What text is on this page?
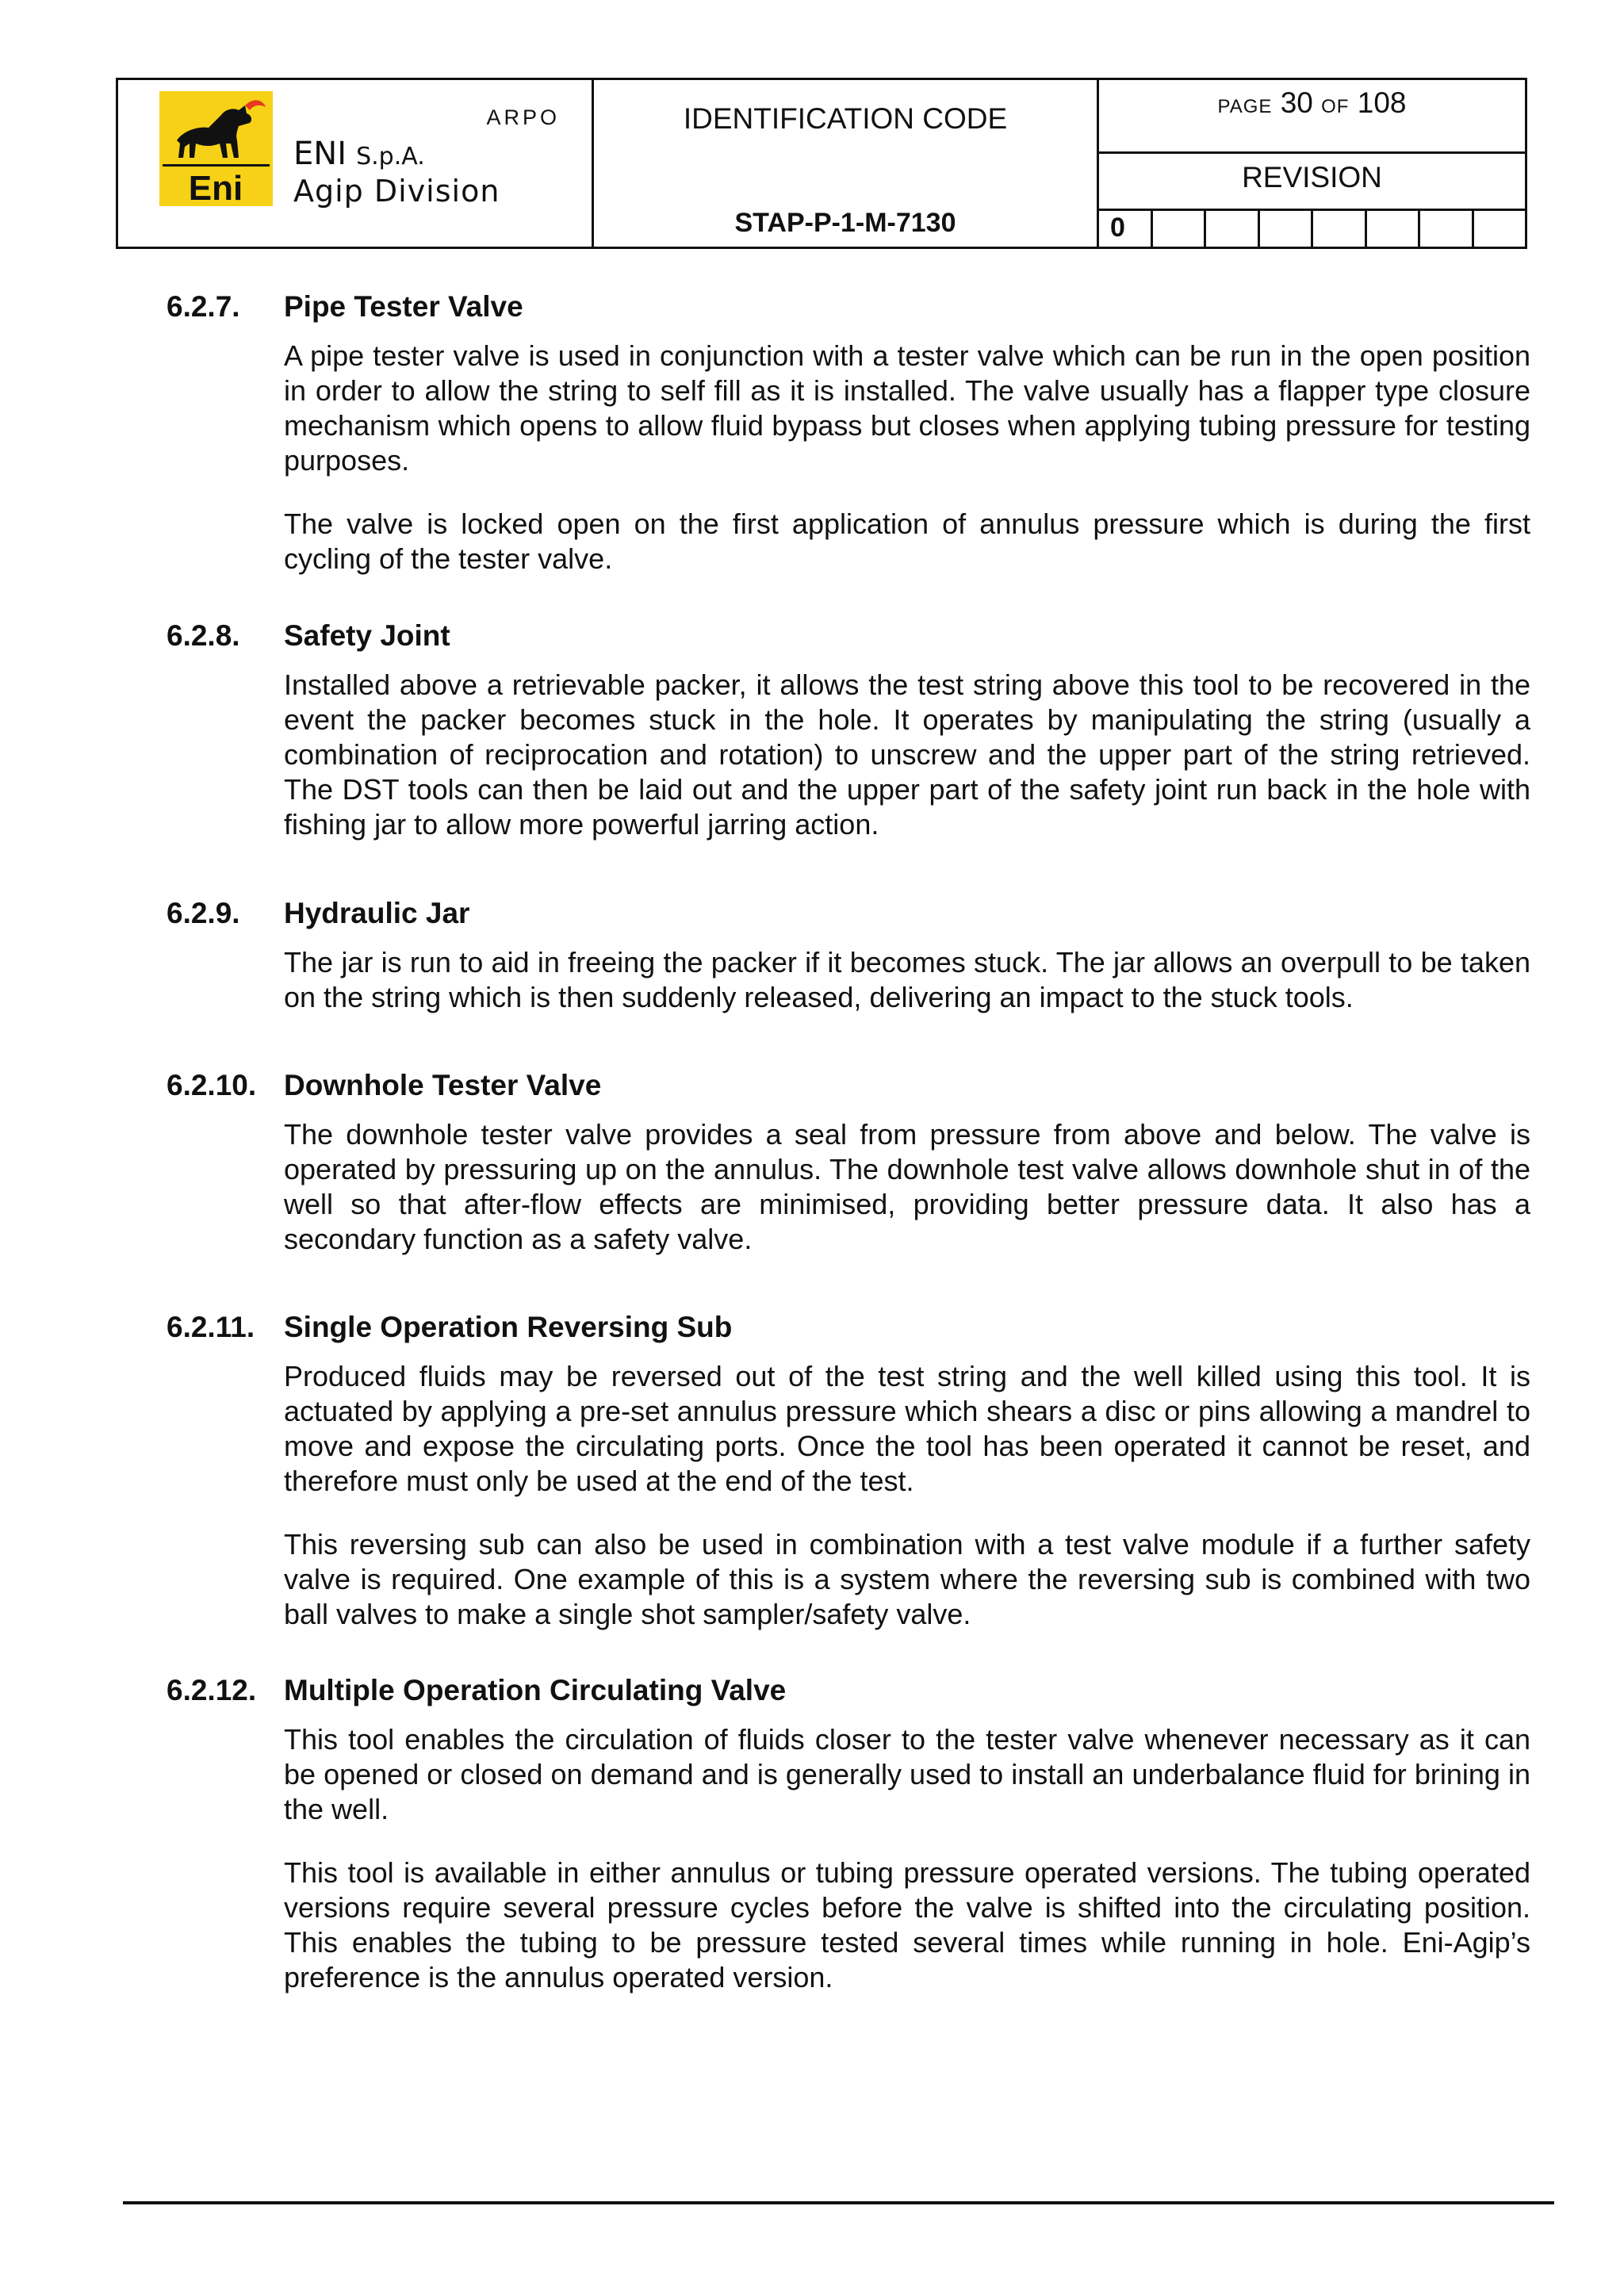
Eni
ARPO
ENI S.p.A.
Agip Division
IDENTIFICATION CODE
STAP-P-1-M-7130
PAGE 30 OF 108
REVISION
0
6.2.7.	Pipe Tester Valve

A pipe tester valve is used in conjunction with a tester valve which can be run in the open position in order to allow the string to self fill as it is installed. The valve usually has a flapper type closure mechanism which opens to allow fluid bypass but closes when applying tubing pressure for testing purposes.

The valve is locked open on the first application of annulus pressure which is during the first cycling of the tester valve.

6.2.8.	Safety Joint

Installed above a retrievable packer, it allows the test string above this tool to be recovered in the event the packer becomes stuck in the hole. It operates by manipulating the string (usually a combination of reciprocation and rotation) to unscrew and the upper part of the string retrieved. The DST tools can then be laid out and the upper part of the safety joint run back in the hole with fishing jar to allow more powerful jarring action.

6.2.9.	Hydraulic Jar

The jar is run to aid in freeing the packer if it becomes stuck. The jar allows an overpull to be taken on the string which is then suddenly released, delivering an impact to the stuck tools.

6.2.10. Downhole Tester Valve

The downhole tester valve provides a seal from pressure from above and below. The valve is operated by pressuring up on the annulus. The downhole test valve allows downhole shut in of the well so that after-flow effects are minimised, providing better pressure data. It also has a secondary function as a safety valve.

6.2.11. Single Operation Reversing Sub

Produced fluids may be reversed out of the test string and the well killed using this tool. It is actuated by applying a pre-set annulus pressure which shears a disc or pins allowing a mandrel to move and expose the circulating ports. Once the tool has been operated it cannot be reset, and therefore must only be used at the end of the test.

This reversing sub can also be used in combination with a test valve module if a further safety valve is required. One example of this is a system where the reversing sub is combined with two ball valves to make a single shot sampler/safety valve.

6.2.12. Multiple Operation Circulating Valve

This tool enables the circulation of fluids closer to the tester valve whenever necessary as it can be opened or closed on demand and is generally used to install an underbalance fluid for brining in the well.

This tool is available in either annulus or tubing pressure operated versions. The tubing operated versions require several pressure cycles before the valve is shifted into the circulating position. This enables the tubing to be pressure tested several times while running in hole. Eni-Agip’s preference is the annulus operated version.
